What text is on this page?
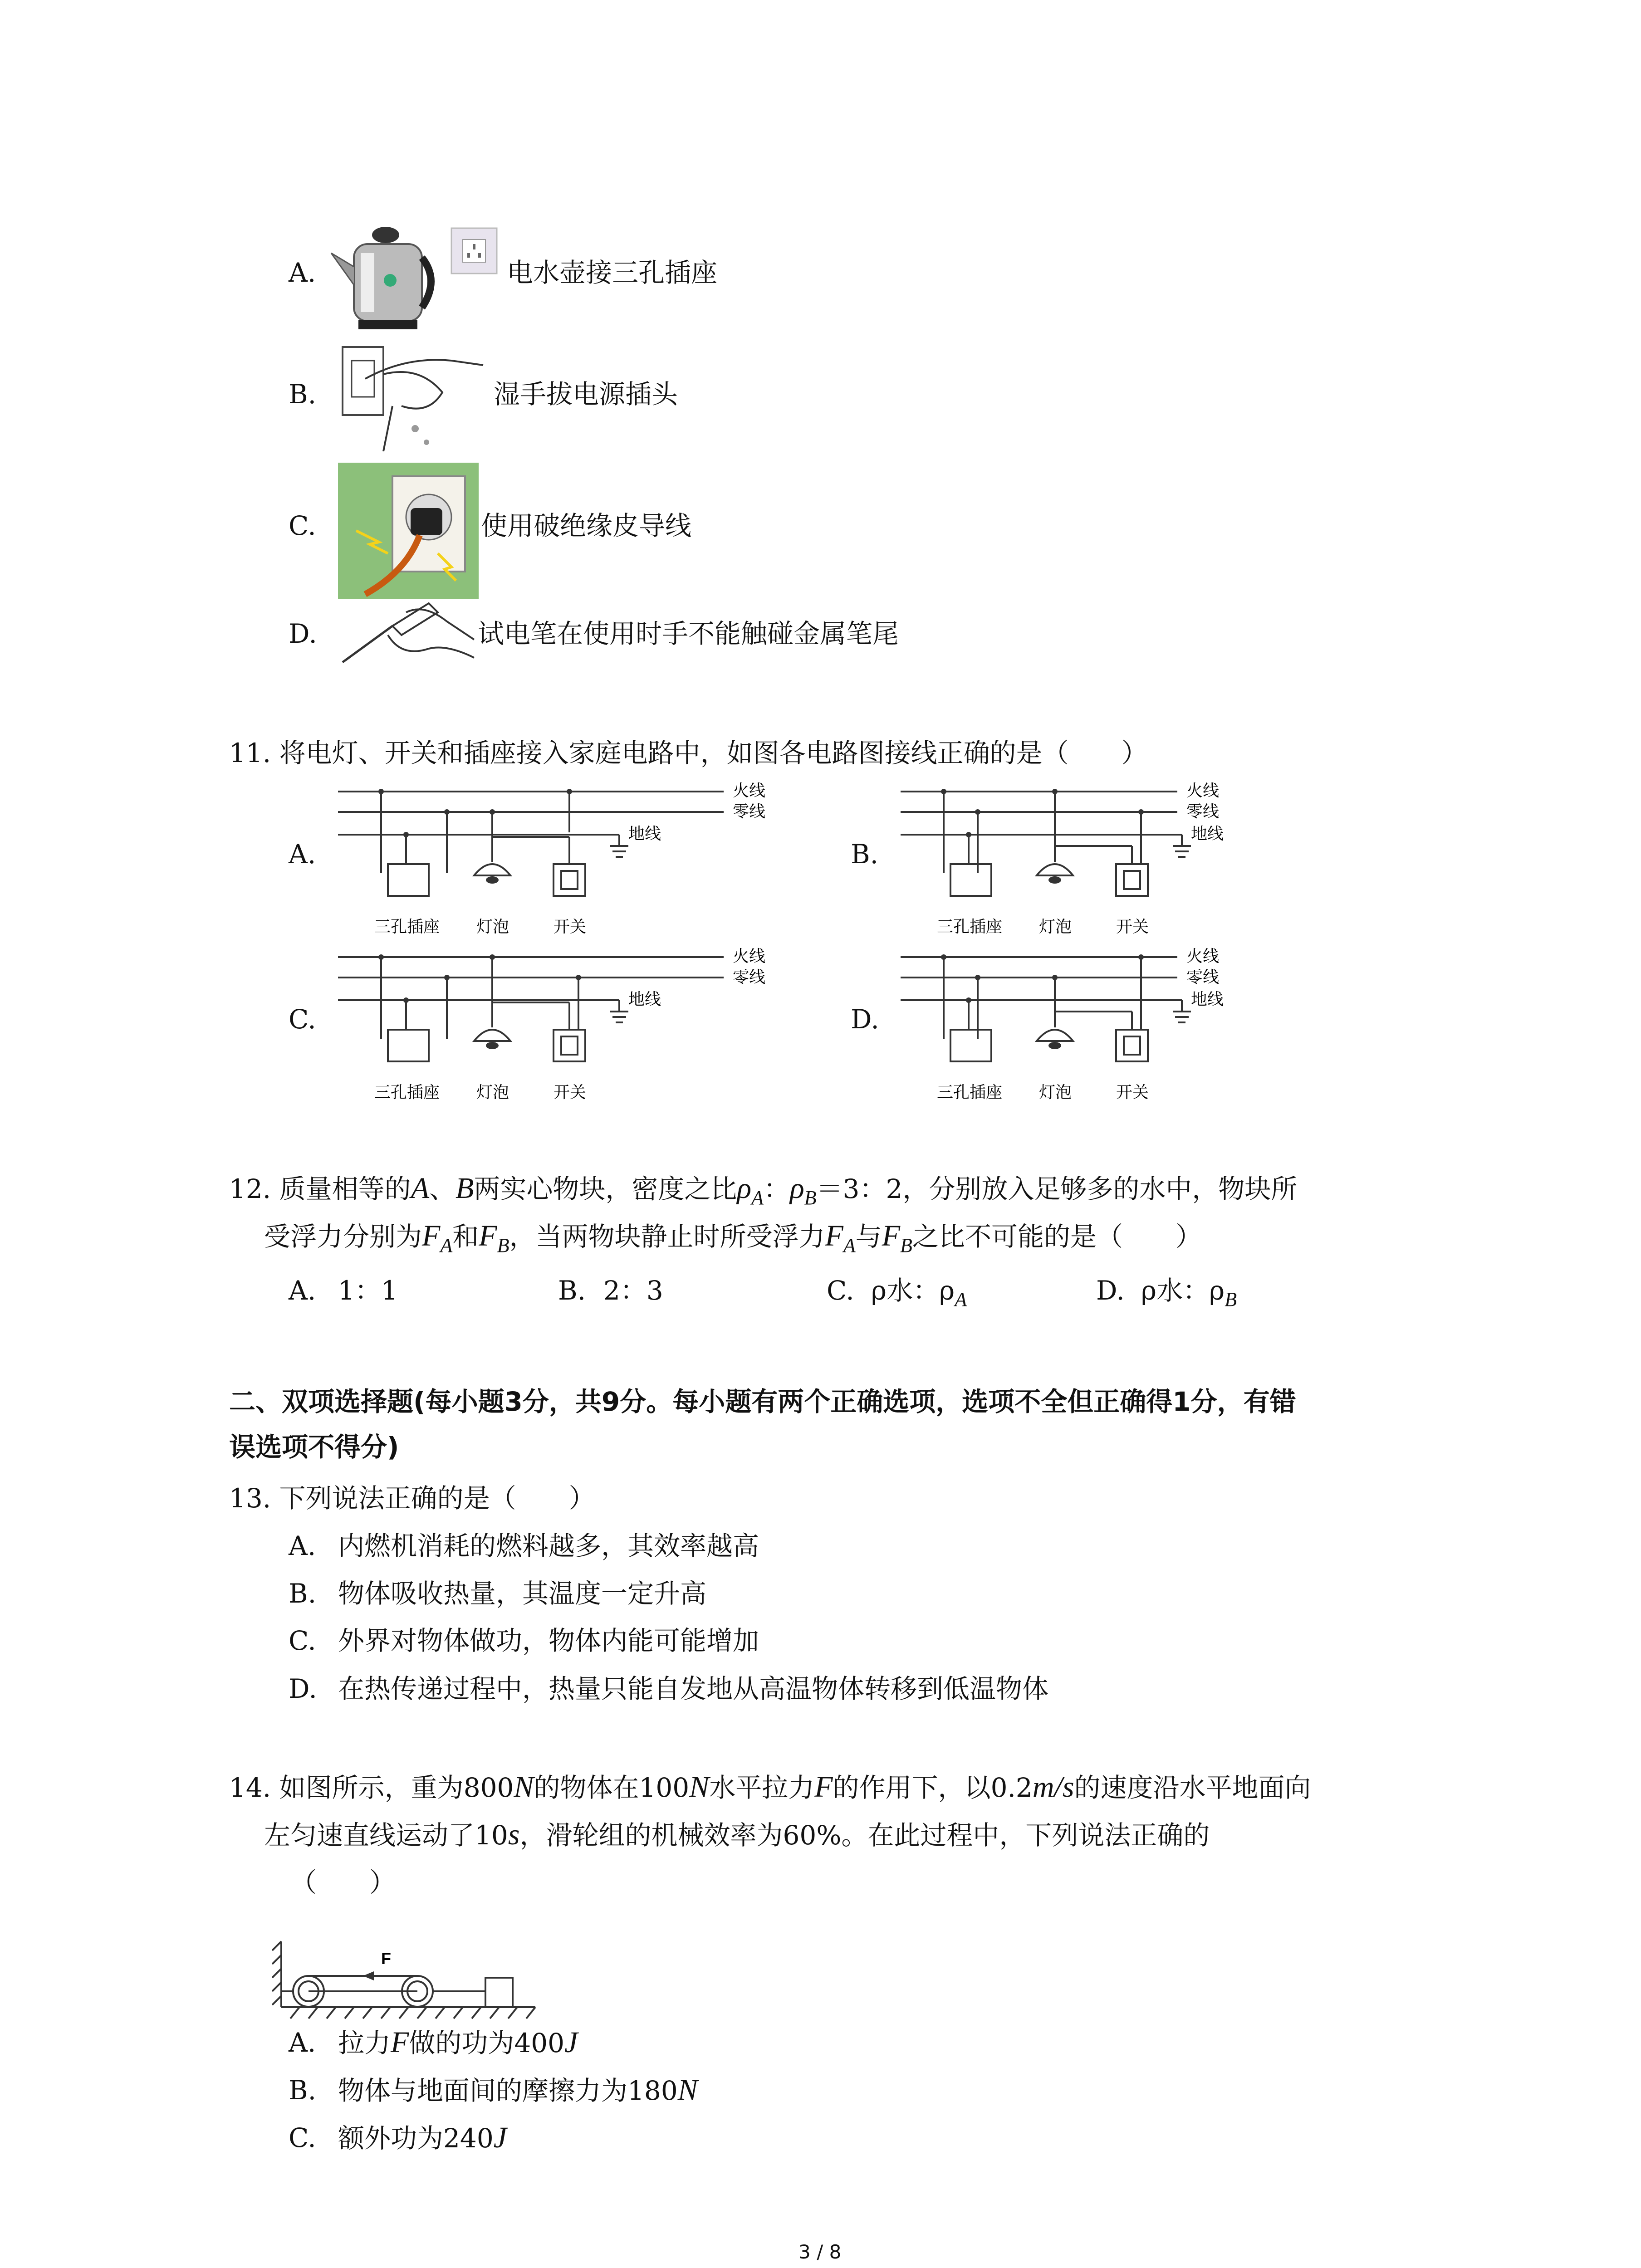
A.	电水壶接三孔插座
B.	湿手拔电源插头
C.	使用破绝缘皮导线
D.	试电笔在使用时手不能触碰金属笔尾
11. 将电灯、开关和插座接入家庭电路中，如图各电路图接线正确的是（　　）
A.
火线
零线
地线
三孔插座 灯泡	开关
B.
火线
零线
地线
三孔插座 灯泡	开关
C.
火线
零线
地线
三孔插座 灯泡	开关
D.
火线
零线
地线
三孔插座 灯泡	开关
12. 质量相等的A、B两实心物块，密度之比$\rho_A$：$\rho_B=3$：2，分别放入足够多的水中，物块所
受浮力分别为$F_A$和$F_B$，当两物块静止时所受浮力$F_A$与$F_B$之比不可能的是（　　）
A. 1：1	B. 2：3	C. ρ水：$\rho_A$	D. ρ水：$\rho_B$
二、双项选择题(每小题3分，共9分。每小题有两个正确选项，选项不全但正确得1分，有错
误选项不得分)
13. 下列说法正确的是（　　）
A. 内燃机消耗的燃料越多，其效率越高
B. 物体吸收热量，其温度一定升高
C. 外界对物体做功，物体内能可能增加
D. 在热传递过程中，热量只能自发地从高温物体转移到低温物体
14. 如图所示，重为800N的物体在100N水平拉力F的作用下，以0.2m/s的速度沿水平地面向
左匀速直线运动了10s，滑轮组的机械效率为60%。在此过程中，下列说法正确的
（　　）
F
A. 拉力F做的功为400J
B. 物体与地面间的摩擦力为180N
C. 额外功为240J
3 / 8
